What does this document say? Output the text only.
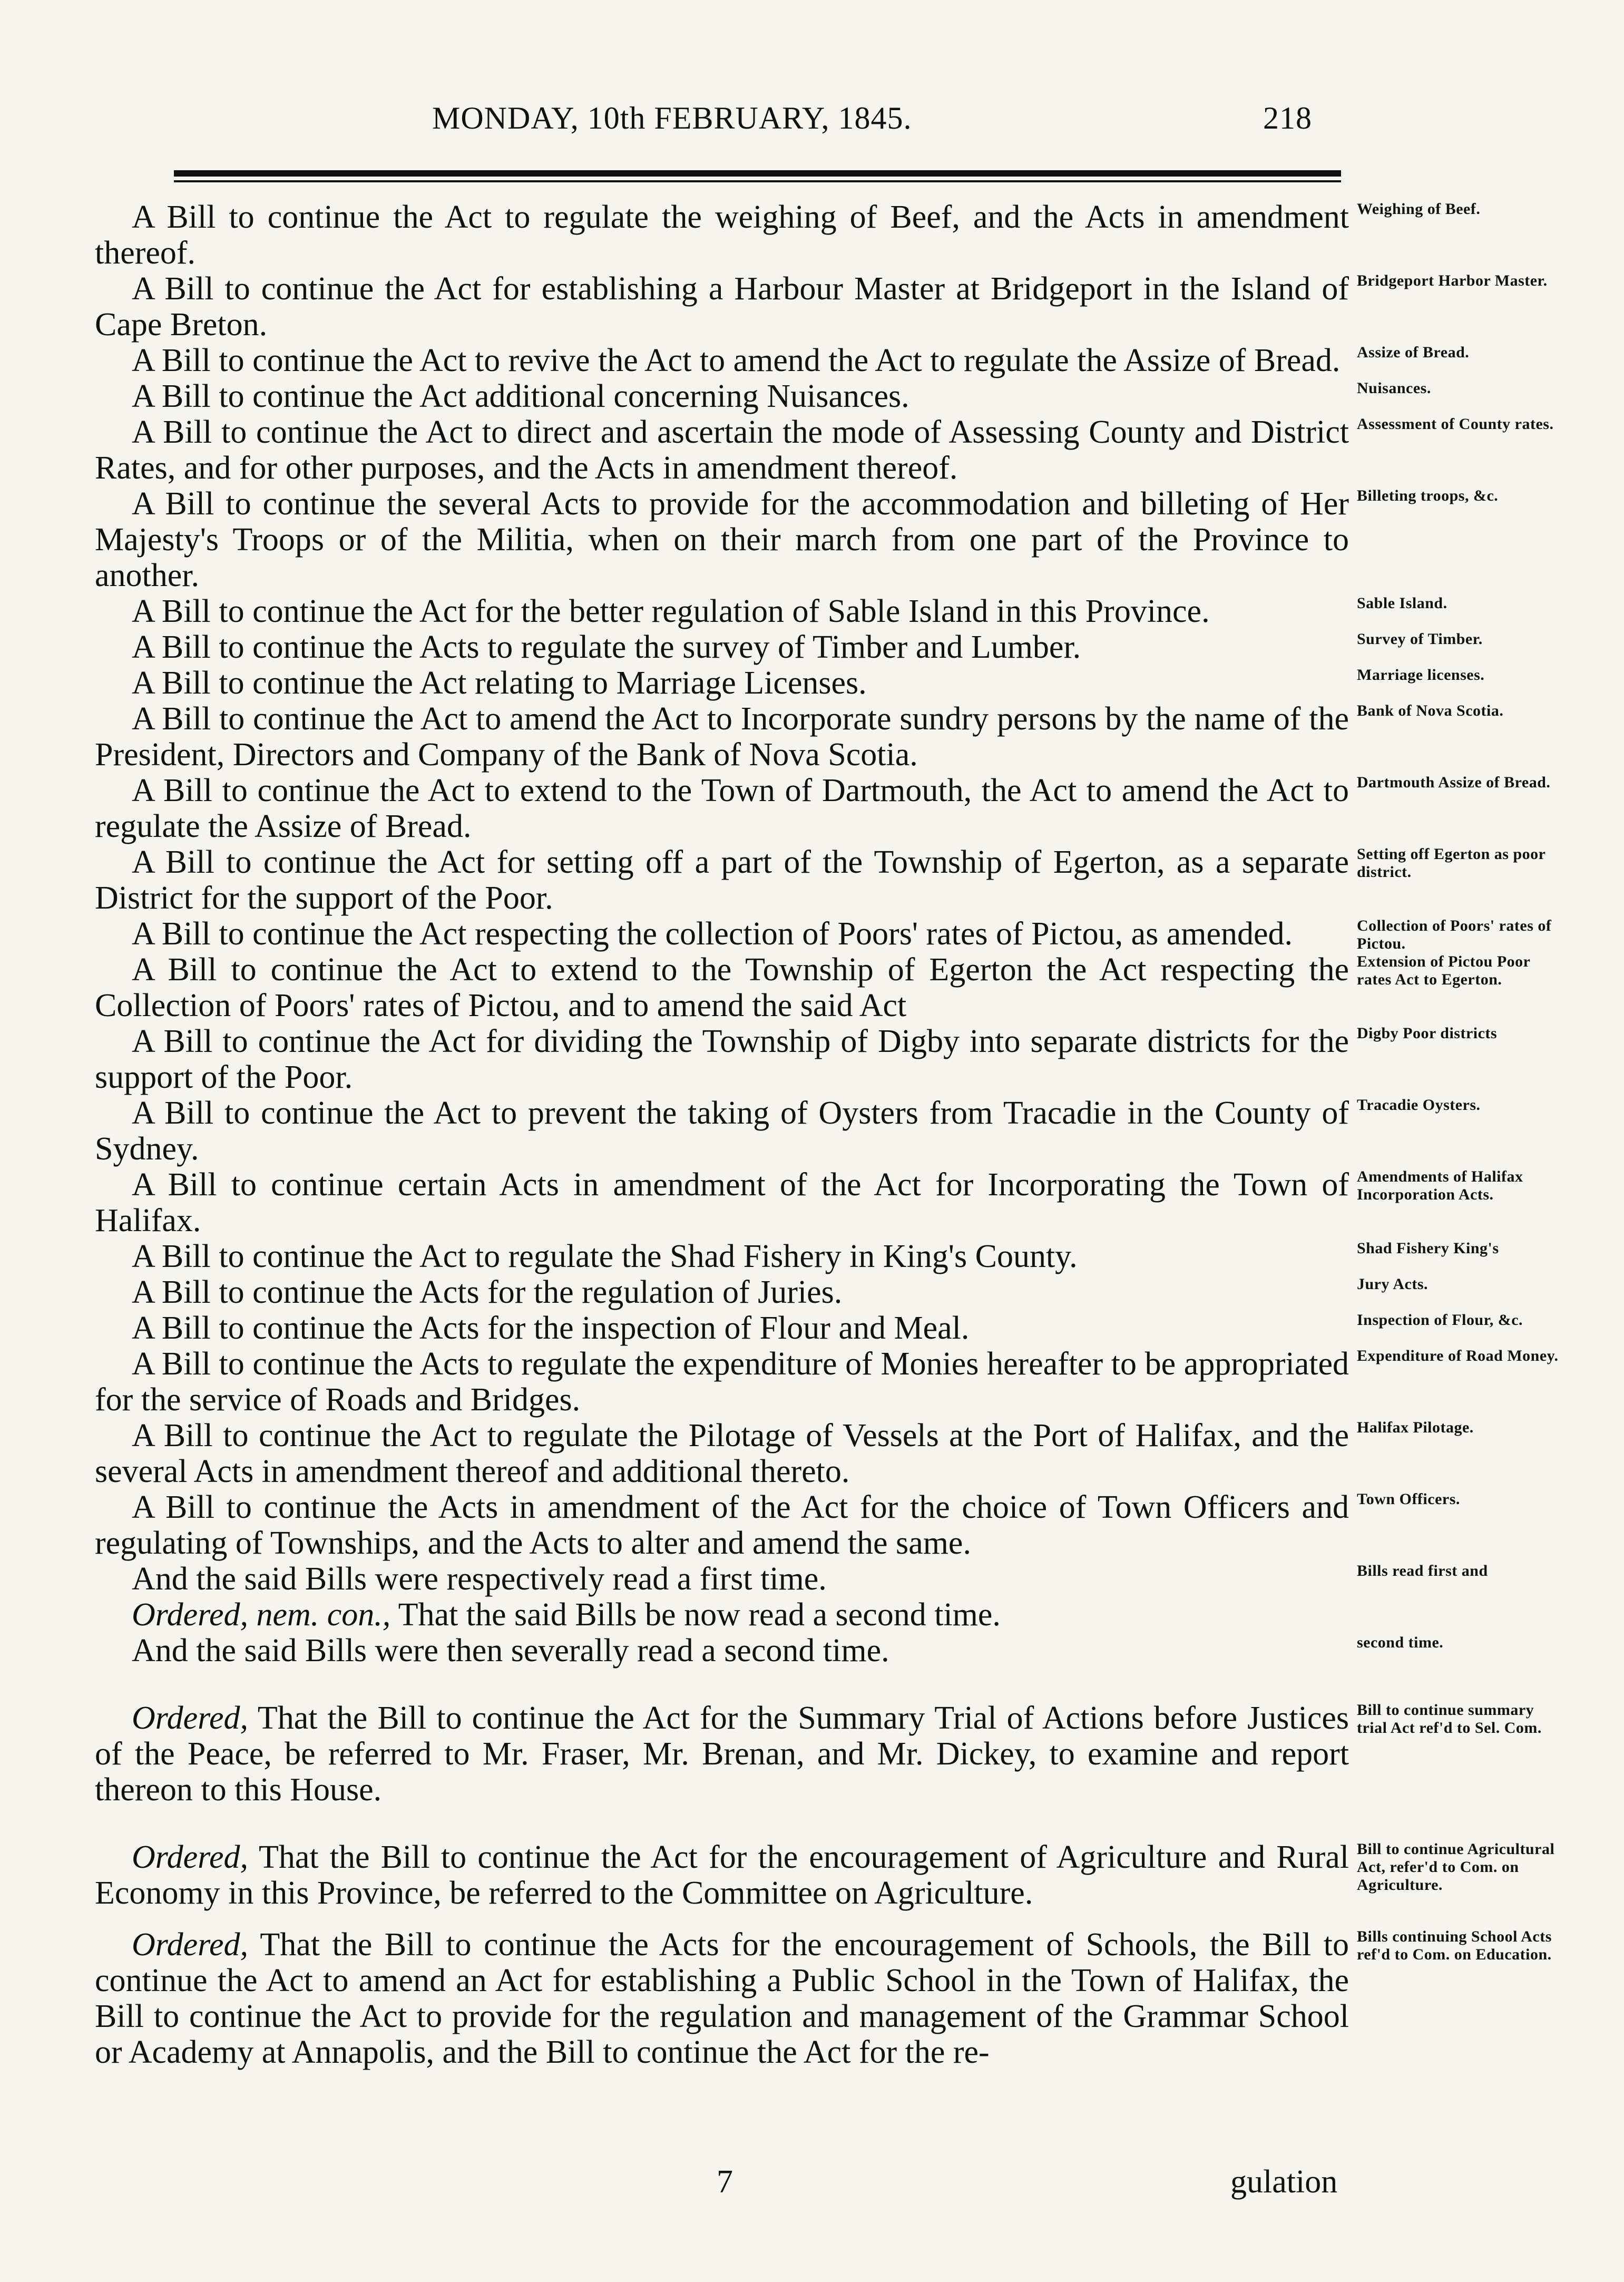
MONDAY, 10th FEBRUARY, 1845.	218
A Bill to continue the Act to regulate the weighing of Beef, and the Acts in amendment thereof.
Weighing of Beef.
A Bill to continue the Act for establishing a Harbour Master at Bridgeport in the Island of Cape Breton.
Bridgeport Harbor Master.
A Bill to continue the Act to revive the Act to amend the Act to regulate the Assize of Bread. Assize of Bread.
A Bill to continue the Act additional concerning Nuisances.	Nuisances.
A Bill to continue the Act to direct and ascertain the mode of Assessing County and District Rates, and for other purposes, and the Acts in amendment thereof.
Assessment of County rates.
A Bill to continue the several Acts to provide for the accommodation and billeting of Her Majesty's Troops or of the Militia, when on their march from one part of the Province to another.
Billeting troops, &c.
A Bill to continue the Act for the better regulation of Sable Island in this Province.	Sable Island.
A Bill to continue the Acts to regulate the survey of Timber and Lumber.	Survey of Timber.
A Bill to continue the Act relating to Marriage Licenses.	Marriage licenses.
A Bill to continue the Act to amend the Act to Incorporate sundry persons by the name of the President, Directors and Company of the Bank of Nova Scotia.
Bank of Nova Scotia.
A Bill to continue the Act to extend to the Town of Dartmouth, the Act to amend the Act to regulate the Assize of Bread.
Dartmouth Assize of Bread.
A Bill to continue the Act for setting off a part of the Township of Egerton, as a separate District for the support of the Poor.
Setting off Egerton as poor district.
A Bill to continue the Act respecting the collection of Poors' rates of Pictou, as amended.	Collection of Poors' rates of Pictou.
A Bill to continue the Act to extend to the Township of Egerton the Act respecting the Collection of Poors' rates of Pictou, and to amend the said Act
Extension of Pictou Poor rates Act to Egerton.
A Bill to continue the Act for dividing the Township of Digby into separate districts for the support of the Poor.
Digby Poor districts
A Bill to continue the Act to prevent the taking of Oysters from Tracadie in the County of Sydney.
Tracadie Oysters.
A Bill to continue certain Acts in amendment of the Act for Incorporating the Town of Halifax.
Amendments of Halifax Incorporation Acts.
A Bill to continue the Act to regulate the Shad Fishery in King's County.	Shad Fishery King's
A Bill to continue the Acts for the regulation of Juries.	Jury Acts.
A Bill to continue the Acts for the inspection of Flour and Meal.	Inspection of Flour, &c.
A Bill to continue the Acts to regulate the expenditure of Monies hereafter to be appropriated for the service of Roads and Bridges.
Expenditure of Road Money.
A Bill to continue the Act to regulate the Pilotage of Vessels at the Port of Halifax, and the several Acts in amendment thereof and additional thereto.
Halifax Pilotage.
A Bill to continue the Acts in amendment of the Act for the choice of Town Officers and regulating of Townships, and the Acts to alter and amend the same.
Town Officers.
And the said Bills were respectively read a first time.	Bills read first and
Ordered, nem. con., That the said Bills be now read a second time.
And the said Bills were then severally read a second time.	second time.
Ordered, That the Bill to continue the Act for the Summary Trial of Actions before Justices of the Peace, be referred to Mr. Fraser, Mr. Brenan, and Mr. Dickey, to examine and report thereon to this House.
Bill to continue summary trial Act ref'd to Sel. Com.
Ordered, That the Bill to continue the Act for the encouragement of Agriculture and Rural Economy in this Province, be referred to the Committee on Agriculture.
Bill to continue Agricultural Act, refer'd to Com. on Agriculture.
Ordered, That the Bill to continue the Acts for the encouragement of Schools, the Bill to continue the Act to amend an Act for establishing a Public School in the Town of Halifax, the Bill to continue the Act to provide for the regulation and management of the Grammar School or Academy at Annapolis, and the Bill to continue the Act for the re-
Bills continuing School Acts ref'd to Com. on Education.
7	gulation
